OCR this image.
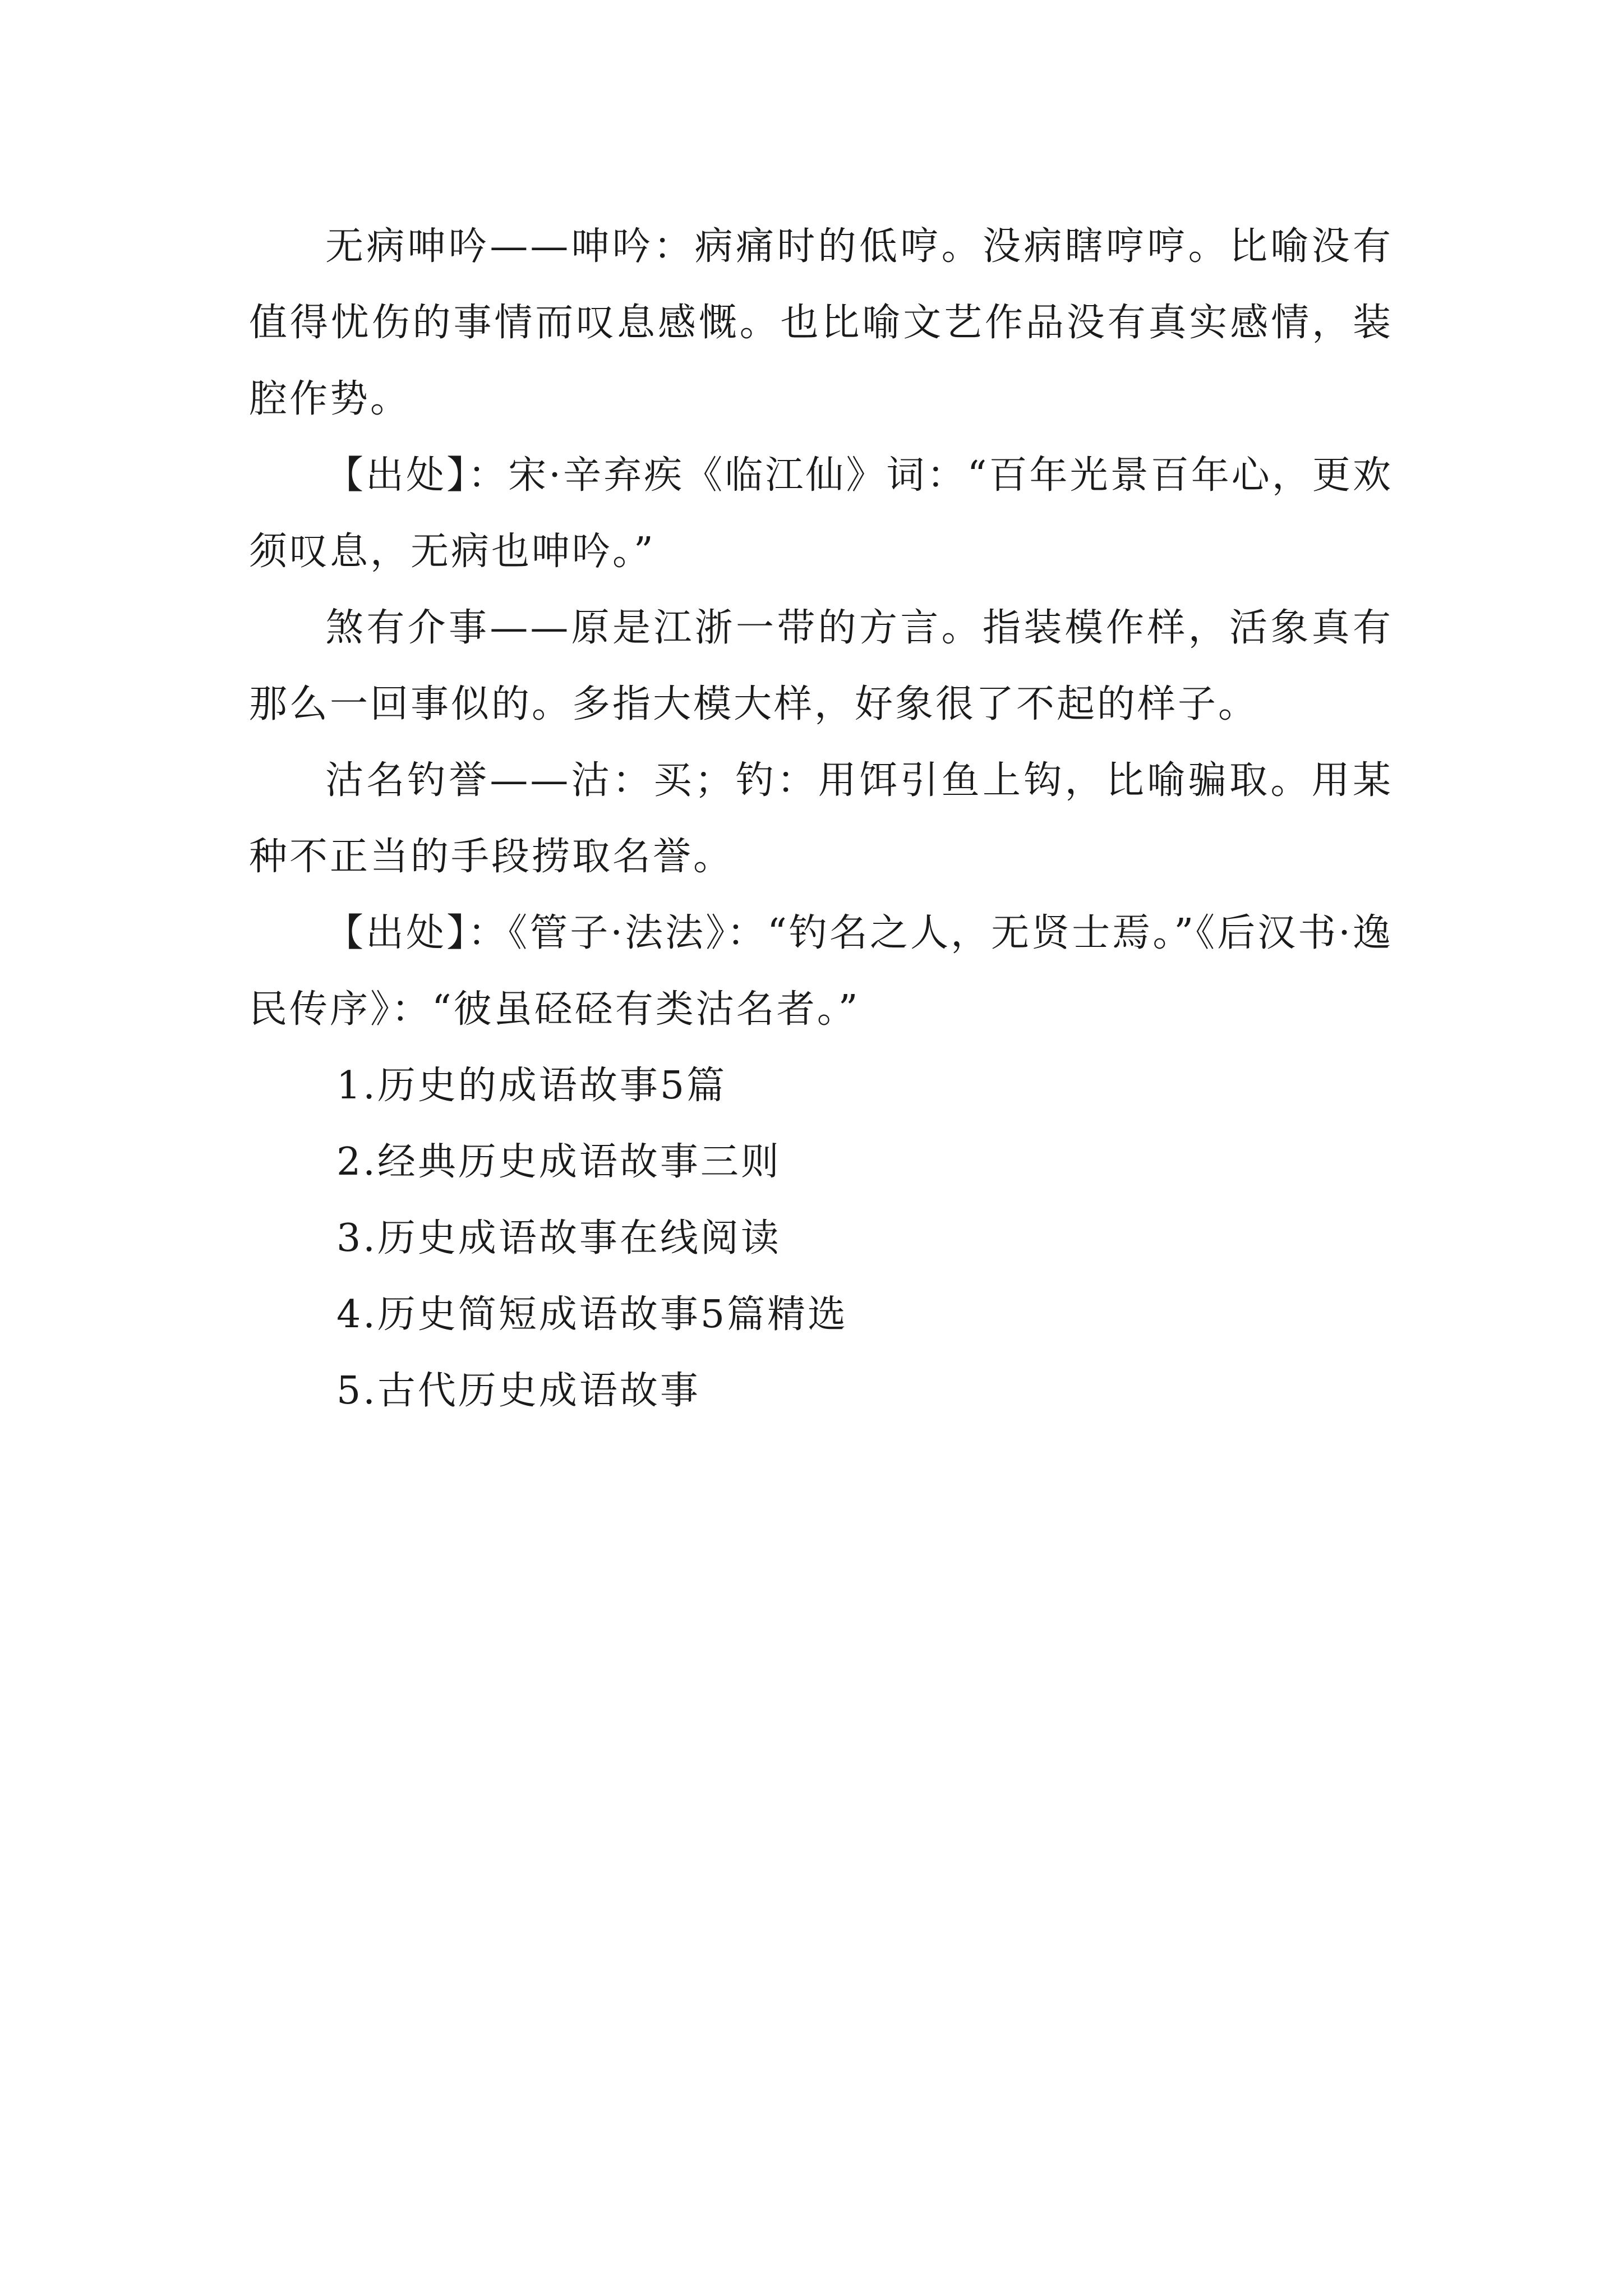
无病呻吟——呻吟：病痛时的低哼。没病瞎哼哼。比喻没有值得忧伤的事情而叹息感慨。也比喻文艺作品没有真实感情，装腔作势。

【出处】：宋·辛弃疾《临江仙》词：“百年光景百年心，更欢须叹息，无病也呻吟。”

煞有介事——原是江浙一带的方言。指装模作样，活象真有那么一回事似的。多指大模大样，好象很了不起的样子。

沽名钓誉——沽：买；钓：用饵引鱼上钩，比喻骗取。用某种不正当的手段捞取名誉。

【出处】：《管子·法法》：“钓名之人，无贤士焉。”《后汉书·逸民传序》：“彼虽硁硁有类沽名者。”

1.历史的成语故事5篇

2.经典历史成语故事三则

3.历史成语故事在线阅读

4.历史简短成语故事5篇精选

5.古代历史成语故事
